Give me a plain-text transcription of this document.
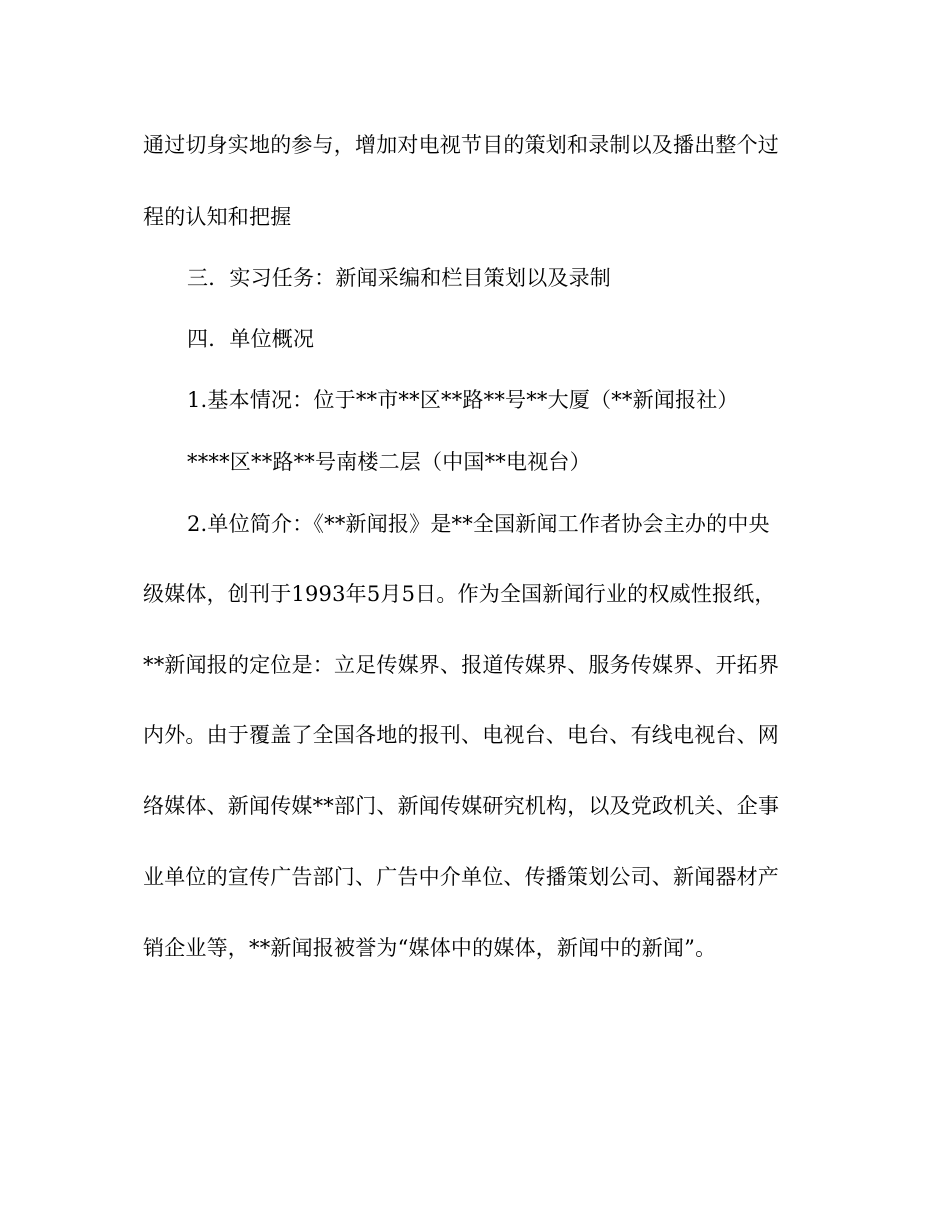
通过切身实地的参与，增加对电视节目的策划和录制以及播出整个过
程的认知和把握
三．实习任务：新闻采编和栏目策划以及录制
四．单位概况
1.基本情况：位于**市**区**路**号**大厦（**新闻报社）
****区**路**号南楼二层（中国**电视台）
2.单位简介：《**新闻报》是**全国新闻工作者协会主办的中央
级媒体，创刊于1993年5月5日。作为全国新闻行业的权威性报纸，
**新闻报的定位是：立足传媒界、报道传媒界、服务传媒界、开拓界
内外。由于覆盖了全国各地的报刊、电视台、电台、有线电视台、网
络媒体、新闻传媒**部门、新闻传媒研究机构，以及党政机关、企事
业单位的宣传广告部门、广告中介单位、传播策划公司、新闻器材产
销企业等，**新闻报被誉为“媒体中的媒体，新闻中的新闻”。
